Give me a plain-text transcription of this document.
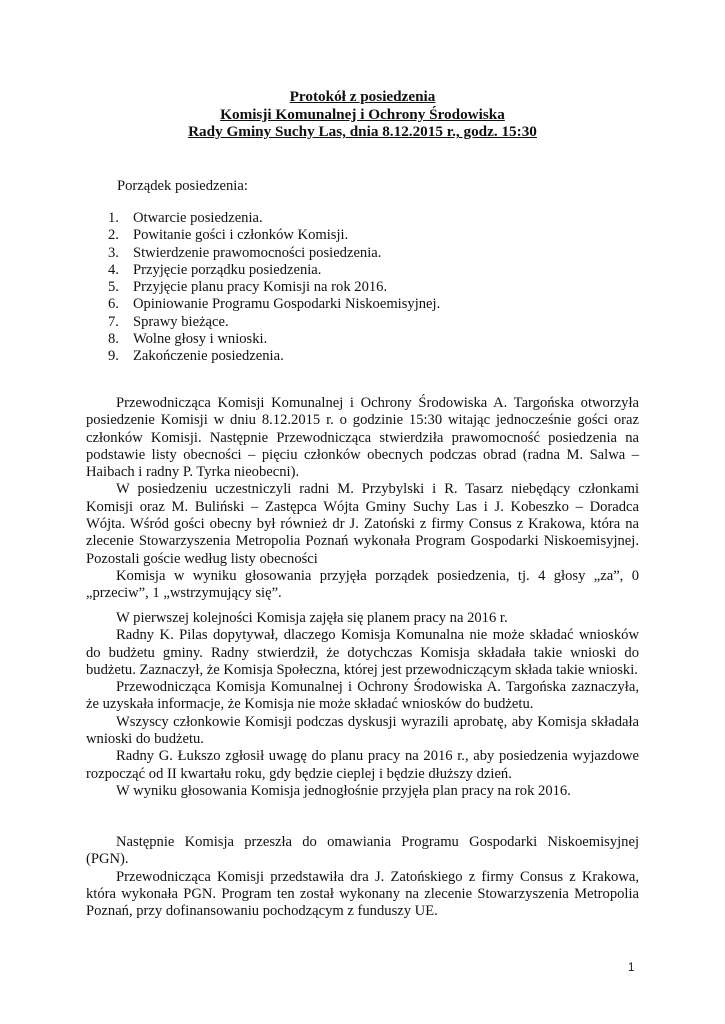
Protokół z posiedzenia
Komisji Komunalnej i Ochrony Środowiska
Rady Gminy Suchy Las, dnia 8.12.2015 r., godz. 15:30
Porządek posiedzenia:
1. Otwarcie posiedzenia.
2. Powitanie gości i członków Komisji.
3. Stwierdzenie prawomocności posiedzenia.
4. Przyjęcie porządku posiedzenia.
5. Przyjęcie planu pracy Komisji na rok 2016.
6. Opiniowanie Programu Gospodarki Niskoemisyjnej.
7. Sprawy bieżące.
8. Wolne głosy i wnioski.
9. Zakończenie posiedzenia.

Przewodnicząca Komisji Komunalnej i Ochrony Środowiska A. Targońska otworzyła posiedzenie Komisji w dniu 8.12.2015 r. o godzinie 15:30 witając jednocześnie gości oraz członków Komisji. Następnie Przewodnicząca stwierdziła prawomocność posiedzenia na podstawie listy obecności – pięciu członków obecnych podczas obrad (radna M. Salwa – Haibach i radny P. Tyrka nieobecni).

W posiedzeniu uczestniczyli radni M. Przybylski i R. Tasarz niebędący członkami Komisji oraz M. Buliński – Zastępca Wójta Gminy Suchy Las i J. Kobeszko – Doradca Wójta. Wśród gości obecny był również dr J. Zatoński z firmy Consus z Krakowa, która na zlecenie Stowarzyszenia Metropolia Poznań wykonała Program Gospodarki Niskoemisyjnej. Pozostali goście według listy obecności

Komisja w wyniku głosowania przyjęła porządek posiedzenia, tj. 4 głosy „za”, 0 „przeciw”, 1 „wstrzymujący się”.

W pierwszej kolejności Komisja zajęła się planem pracy na 2016 r.

Radny K. Pilas dopytywał, dlaczego Komisja Komunalna nie może składać wniosków do budżetu gminy. Radny stwierdził, że dotychczas Komisja składała takie wnioski do budżetu. Zaznaczył, że Komisja Społeczna, której jest przewodniczącym składa takie wnioski.

Przewodnicząca Komisja Komunalnej i Ochrony Środowiska A. Targońska zaznaczyła, że uzyskała informacje, że Komisja nie może składać wniosków do budżetu.

Wszyscy członkowie Komisji podczas dyskusji wyrazili aprobatę, aby Komisja składała wnioski do budżetu.

Radny G. Łukszo zgłosił uwagę do planu pracy na 2016 r., aby posiedzenia wyjazdowe rozpocząć od II kwartału roku, gdy będzie cieplej i będzie dłuższy dzień.

W wyniku głosowania Komisja jednogłośnie przyjęła plan pracy na rok 2016.

Następnie Komisja przeszła do omawiania Programu Gospodarki Niskoemisyjnej (PGN).

Przewodnicząca Komisji przedstawiła dra J. Zatońskiego z firmy Consus z Krakowa, która wykonała PGN. Program ten został wykonany na zlecenie Stowarzyszenia Metropolia Poznań, przy dofinansowaniu pochodzącym z funduszy UE.

1
